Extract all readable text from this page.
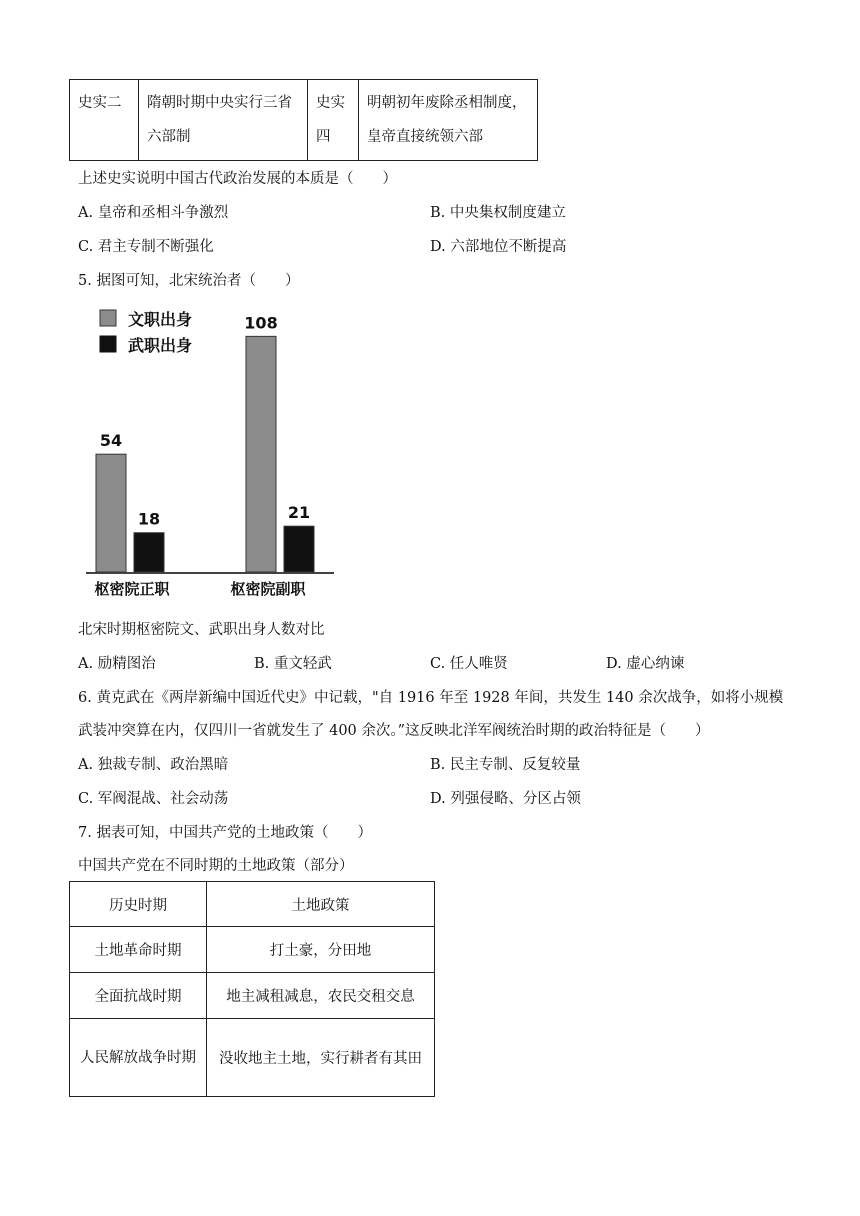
史实二	隋朝时期中央实行三省六部制	史实四	明朝初年废除丞相制度，皇帝直接统领六部
上述史实说明中国古代政治发展的本质是（　　）
A. 皇帝和丞相斗争激烈	B. 中央集权制度建立
C. 君主专制不断强化	D. 六部地位不断提高
5. 据图可知，北宋统治者（　　）
文职出身
武职出身
54
18
108
21
枢密院正职	枢密院副职
北宋时期枢密院文、武职出身人数对比
A. 励精图治	B. 重文轻武	C. 任人唯贤	D. 虚心纳谏
6. 黄克武在《两岸新编中国近代史》中记载，"自 1916 年至 1928 年间，共发生 140 余次战争，如将小规模
武装冲突算在内，仅四川一省就发生了 400 余次。”这反映北洋军阀统治时期的政治特征是（　　）
A. 独裁专制、政治黑暗	B. 民主专制、反复较量
C. 军阀混战、社会动荡	D. 列强侵略、分区占领
7. 据表可知，中国共产党的土地政策（　　）
中国共产党在不同时期的土地政策（部分）
历史时期	土地政策
土地革命时期	打土豪，分田地
全面抗战时期	地主减租减息，农民交租交息
人民解放战争时期	没收地主土地，实行耕者有其田
